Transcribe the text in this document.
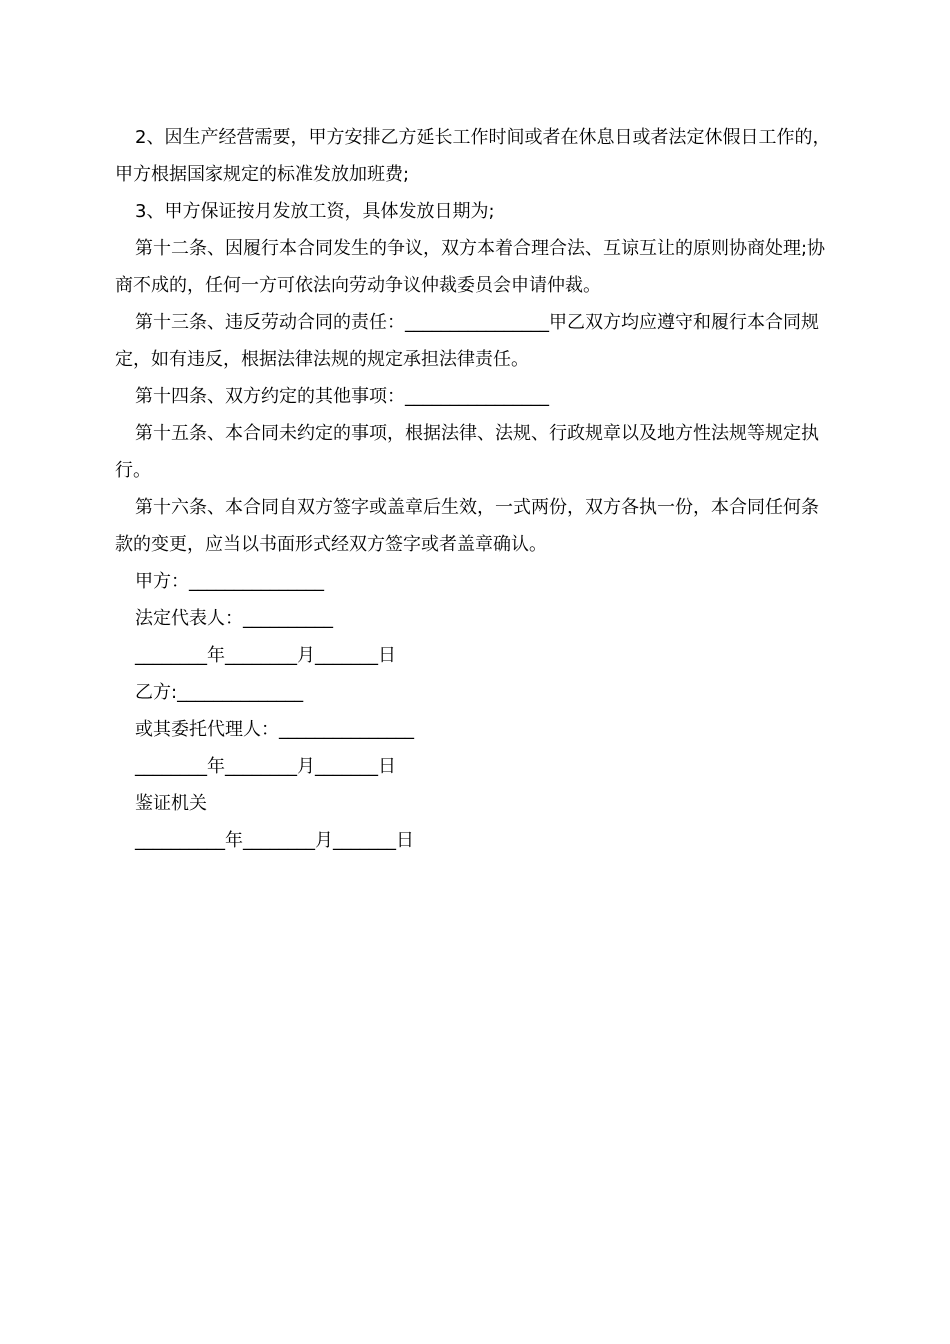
2、因生产经营需要，甲方安排乙方延长工作时间或者在休息日或者法定休假日工作的，甲方根据国家规定的标准发放加班费;

3、甲方保证按月发放工资，具体发放日期为;

第十二条、因履行本合同发生的争议，双方本着合理合法、互谅互让的原则协商处理;协商不成的，任何一方可依法向劳动争议仲裁委员会申请仲裁。

第十三条、违反劳动合同的责任：________________甲乙双方均应遵守和履行本合同规定，如有违反，根据法律法规的规定承担法律责任。

第十四条、双方约定的其他事项：________________

第十五条、本合同未约定的事项，根据法律、法规、行政规章以及地方性法规等规定执行。

第十六条、本合同自双方签字或盖章后生效，一式两份，双方各执一份，本合同任何条款的变更，应当以书面形式经双方签字或者盖章确认。

甲方：_______________

法定代表人：__________

________年________月_______日

乙方:______________

或其委托代理人：_______________

________年________月_______日

鉴证机关

__________年________月_______日
